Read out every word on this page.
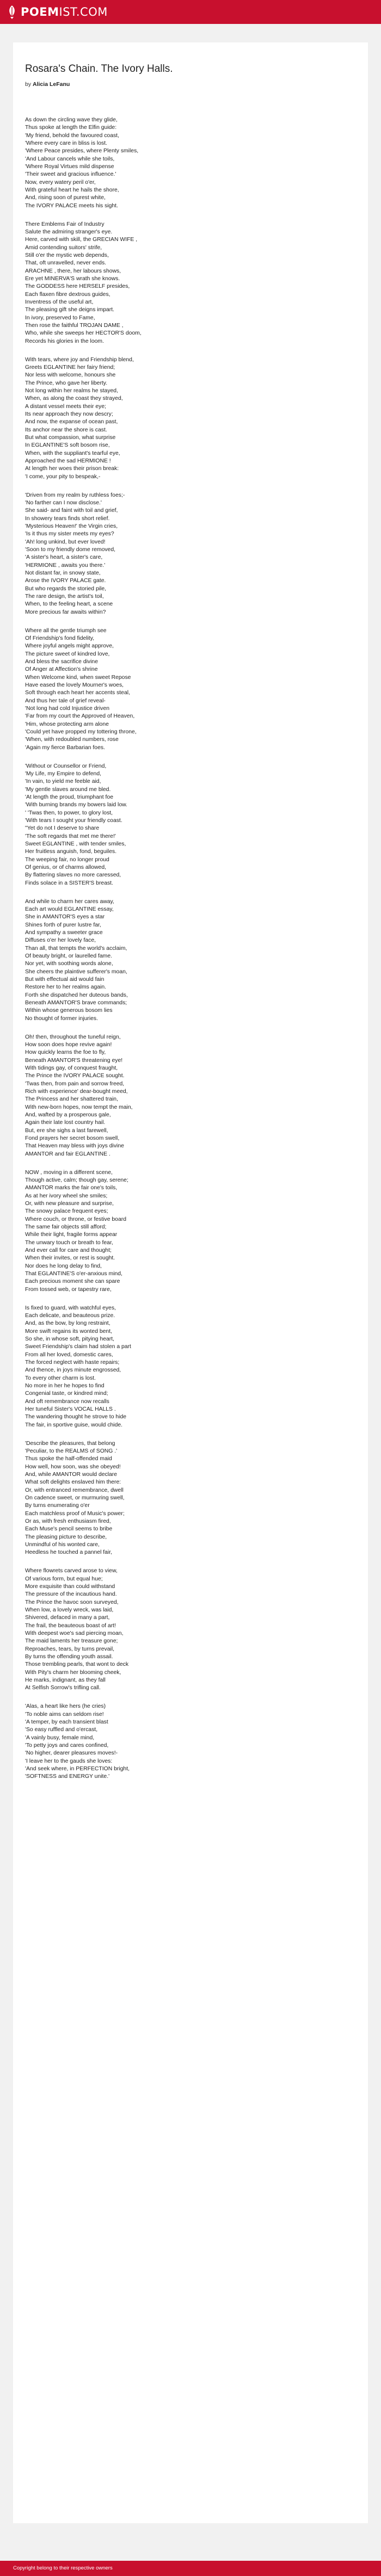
POEMIST.COM
Rosara's Chain. The Ivory Halls.
by Alicia LeFanu
As down the circling wave they glide,
Thus spoke at length the Elfin guide:
'My friend, behold the favoured coast,
'Where every care in bliss is lost.
'Where Peace presides, where Plenty smiles,
'And Labour cancels while she toils,
'Where Royal Virtues mild dispense
'Their sweet and gracious influence.'
Now, every watery peril o'er,
With grateful heart he hails the shore,
And, rising soon of purest white,
The IVORY PALACE meets his sight.
There Emblems Fair of Industry
Salute the admiring stranger's eye.
Here, carved with skill, the GRECIAN WIFE ,
Amid contending suitors' strife,
Still o'er the mystic web depends,
That, oft unravelled, never ends.
ARACHNE , there, her labours shows,
Ere yet MINERVA'S wrath she knows.
The GODDESS here HERSELF presides,
Each flaxen fibre dextrous guides,
Inventress of the useful art,
The pleasing gift she deigns impart.
In ivory, preserved to Fame,
Then rose the faithful TROJAN DAME ,
Who, while she sweeps her HECTOR'S doom,
Records his glories in the loom.
With tears, where joy and Friendship blend,
Greets EGLANTINE her fairy friend;
Nor less with welcome, honours she
The Prince, who gave her liberty.
Not long within her realms he stayed,
When, as along the coast they strayed,
A distant vessel meets their eye;
Its near approach they now descry;
And now, the expanse of ocean past,
Its anchor near the shore is cast.
But what compassion, what surprise
In EGLANTINE'S soft bosom rise,
When, with the suppliant's tearful eye,
Approached the sad HERMIONE !
At length her woes their prison break:
'I come, your pity to bespeak,-
'Driven from my realm by ruthless foes;-
'No farther can I now disclose.'
She said- and faint with toil and grief,
In showery tears finds short relief.
'Mysterious Heaven!' the Virgin cries,
'Is it thus my sister meets my eyes?
'Ah! long unkind, but ever loved!
'Soon to my friendly dome removed,
'A sister's heart, a sister's care,
'HERMIONE , awaits you there.'
Not distant far, in snowy state,
Arose the IVORY PALACE gate.
But who regards the storied pile,
The rare design, the artist's toil,
When, to the feeling heart, a scene
More precious far awaits within?
Where all the gentle triumph see
Of Friendship's fond fidelity,
Where joyful angels might approve,
The picture sweet of kindred love,
And bless the sacrifice divine
Of Anger at Affection's shrine
When Welcome kind, when sweet Repose
Have eased the lovely Mourner's woes,
Soft through each heart her accents steal,
And thus her tale of grief reveal-
'Not long had cold Injustice driven
'Far from my court the Approved of Heaven,
'Him, whose protecting arm alone
'Could yet have propped my tottering throne,
'When, with redoubled numbers, rose
'Again my fierce Barbarian foes.
'Without or Counsellor or Friend,
'My Life, my Empire to defend,
'In vain, to yield me feeble aid,
'My gentle slaves around me bled.
'At length the proud, triumphant foe
'With burning brands my bowers laid low.
' 'Twas then, to power, to glory lost,
'With tears I sought your friendly coast.
"Yet do not I deserve to share
'The soft regards that met me there!'
Sweet EGLANTINE , with tender smiles,
Her fruitless anguish, fond, beguiles.
The weeping fair, no longer proud
Of genius, or of charms allowed,
By flattering slaves no more caressed,
Finds solace in a SISTER'S breast.
And while to charm her cares away,
Each art would EGLANTINE essay,
She in AMANTOR'S eyes a star
Shines forth of purer lustre far,
And sympathy a sweeter grace
Diffuses o'er her lovely face,
Than all, that tempts the world's acclaim,
Of beauty bright, or laurelled fame.
Nor yet, with soothing words alone,
She cheers the plaintive sufferer's moan,
But with effectual aid would fain
Restore her to her realms again.
Forth she dispatched her duteous bands,
Beneath AMANTOR'S brave commands;
Within whose generous bosom lies
No thought of former injuries.
Oh! then, throughout the tuneful reign,
How soon does hope revive again!
How quickly learns the foe to fly,
Beneath AMANTOR'S threatening eye!
With tidings gay, of conquest fraught,
The Prince the IVORY PALACE sought.
'Twas then, from pain and sorrow freed,
Rich with experience' dear-bought meed,
The Princess and her shattered train,
With new-born hopes, now tempt the main,
And, wafted by a prosperous gale,
Again their late lost country hail.
But, ere she sighs a last farewell,
Fond prayers her secret bosom swell,
That Heaven may bless with joys divine
AMANTOR and fair EGLANTINE .
NOW , moving in a different scene,
Though active, calm; though gay, serene;
AMANTOR marks the fair one's toils,
As at her ivory wheel she smiles;
Or, with new pleasure and surprise,
The snowy palace frequent eyes;
Where couch, or throne, or festive board
The same fair objects still afford;
While their light, fragile forms appear
The unwary touch or breath to fear,
And ever call for care and thought;
When their invites, or rest is sought.
Nor does he long delay to find,
That EGLANTINE'S o'er-anxious mind,
Each precious moment she can spare
From tossed web, or tapestry rare,
Is fixed to guard, with watchful eyes,
Each delicate, and beauteous prize.
And, as the bow, by long restraint,
More swift regains its wonted bent,
So she, in whose soft, pitying heart,
Sweet Friendship's claim had stolen a part
From all her loved, domestic cares,
The forced neglect with haste repairs;
And thence, in joys minute engrossed,
To every other charm is lost.
No more in her he hopes to find
Congenial taste, or kindred mind;
And oft remembrance now recalls
Her tuneful Sister's VOCAL HALLS .
The wandering thought he strove to hide
The fair, in sportive guise, would chide.
'Describe the pleasures, that belong
'Peculiar, to the REALMS of SONG .'
Thus spoke the half-offended maid
How well, how soon, was she obeyed!
And, while AMANTOR would declare
What soft delights enslaved him there:
Or, with entranced remembrance, dwell
On cadence sweet, or murmuring swell,
By turns enumerating o'er
Each matchless proof of Music's power;
Or as, with fresh enthusiasm fired,
Each Muse's pencil seems to bribe
The pleasing picture to describe,
Unmindful of his wonted care,
Heedless he touched a pannel fair,
Where flowrets carved arose to view,
Of various form, but equal hue;
More exquisite than could withstand
The pressure of the incautious hand.
The Prince the havoc soon surveyed,
When low, a lovely wreck, was laid,
Shivered, defaced in many a part,
The frail, the beauteous boast of art!
With deepest woe's sad piercing moan,
The maid laments her treasure gone;
Reproaches, tears, by turns prevail,
By turns the offending youth assail.
Those trembling pearls, that wont to deck
With Pity's charm her blooming cheek,
He marks, indignant, as they fall
At Selfish Sorrow's trifling call.
'Alas, a heart like hers (he cries)
'To noble aims can seldom rise!
'A temper, by each transient blast
'So easy ruffled and o'ercast,
'A vainly busy, female mind,
'To petty joys and cares confined,
'No higher, dearer pleasures moves!-
'I leave her to the gauds she loves:
'And seek where, in PERFECTION bright,
'SOFTNESS and ENERGY unite.'
Copyright belong to their respective owners
